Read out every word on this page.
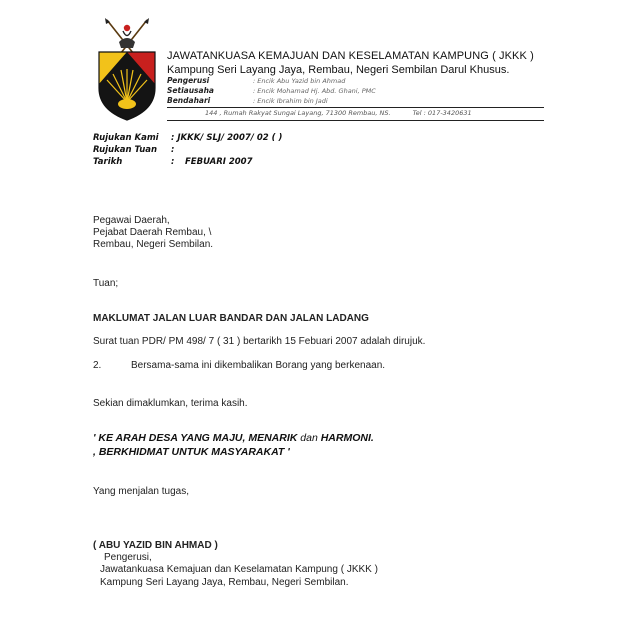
JAWATANKUASA KEMAJUAN DAN KESELAMATAN KAMPUNG ( JKKK )
Kampung Seri Layang Jaya, Rembau, Negeri Sembilan Darul Khusus.
Pengerusi	: Encik Abu Yazid bin Ahmad
Setiausaha	: Encik Mohamad Hj. Abd. Ghani, PMC
Bendahari	: Encik Ibrahim bin Jadi
144 , Rumah Rakyat Sungai Layang, 71300 Rembau, NS.	Tel : 017-3420631
Rujukan Kami : JKKK/ SLJ/ 2007/ 02 ( )
Rujukan Tuan :
Tarikh	: FEBUARI 2007
Pegawai Daerah,
Pejabat Daerah Rembau, \
Rembau, Negeri Sembilan.
Tuan;
MAKLUMAT JALAN LUAR BANDAR DAN JALAN LADANG
Surat tuan PDR/ PM 498/ 7 ( 31 ) bertarikh 15 Febuari 2007 adalah dirujuk.
2.	Bersama-sama ini dikembalikan Borang yang berkenaan.
Sekian dimaklumkan, terima kasih.
' KE ARAH DESA YANG MAJU, MENARIK dan HARMONI.
, BERKHIDMAT UNTUK MASYARAKAT '
Yang menjalan tugas,
( ABU YAZID BIN AHMAD )
Pengerusi,
Jawatankuasa Kemajuan dan Keselamatan Kampung ( JKKK )
Kampung Seri Layang Jaya, Rembau, Negeri Sembilan.
